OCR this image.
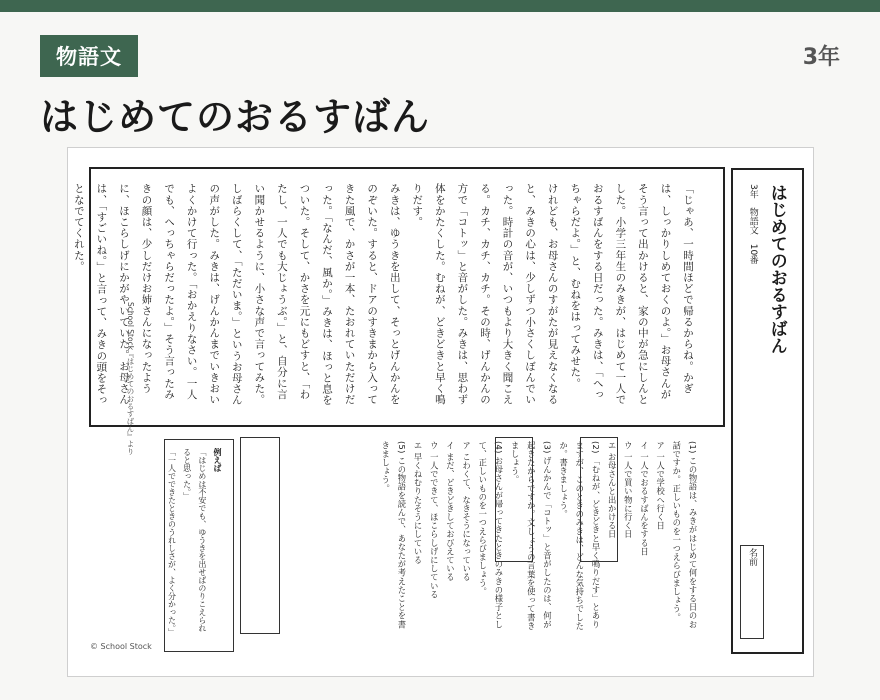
物語文	3年
はじめてのおるすばん
はじめてのおるすばん
3年　物語文　10番
名前

「じゃあ、一時間ほどで帰るからね。かぎは、しっかりしめておくのよ。」お母さんがそう言って出かけると、家の中が急にしんとした。小学三年生のみきが、はじめて一人でおるすばんをする日だった。みきは、「へっちゃらだよ。」と、むねをはってみせた。

けれども、お母さんのすがたが見えなくなると、みきの心は、少しずつ小さくしぼんでいった。時計の音が、いつもより大きく聞こえる。カチ、カチ、カチ。その時、げんかんの方で「コトッ」と音がした。みきは、思わず体をかたくした。むねが、どきどきと早く鳴りだす。

みきは、ゆうきを出して、そっとげんかんをのぞいた。すると、ドアのすきまから入ってきた風で、かさが一本、たおれていただけだった。「なんだ、風か。」みきは、ほっと息をついた。そして、かさを元にもどすと、「わたし、一人でも大じょうぶ。」と、自分に言い聞かせるように、小さな声で言ってみた。

しばらくして、「ただいま。」というお母さんの声がした。みきは、げんかんまでいきおいよくかけて行った。「おかえりなさい。一人でも、へっちゃらだったよ。」そう言ったみきの顔は、少しだけお姉さんになったように、ほこらしげにかがやいていた。お母さんは、「すごいね。」と言って、みきの頭をそっとなでてくれた。

School Stock『はじめてのおるすばん』より

(1) この物語は、みきがはじめて何をする日のお話ですか。正しいものを一つえらびましょう。

ア 一人で学校へ行く日

イ 一人でおるすばんをする日

ウ 一人で買い物に行く日

エ お母さんと出かける日

(2) 「むねが、どきどきと早く鳴りだす」とありますが、このときのみきは、どんな気持ちでしたか。書きましょう。

(3) げんかんで「コトッ」と音がしたのは、何が起きたからですか。文しょうの言葉を使って書きましょう。

(4) お母さんが帰ってきたときのみきの様子として、正しいものを一つえらびましょう。

ア こわくて、なきそうになっている

イ まだ、どきどきしておびえている

ウ 一人でできて、ほこらしげにしている

エ 早くねむりたそうにしている

(5) この物語を読んで、あなたが考えたことを書きましょう。

例えば

「はじめは不安でも、ゆうきを出せばのりこえられると思った。」

「一人でできたときのうれしさが、よく分かった。」

© School Stock
